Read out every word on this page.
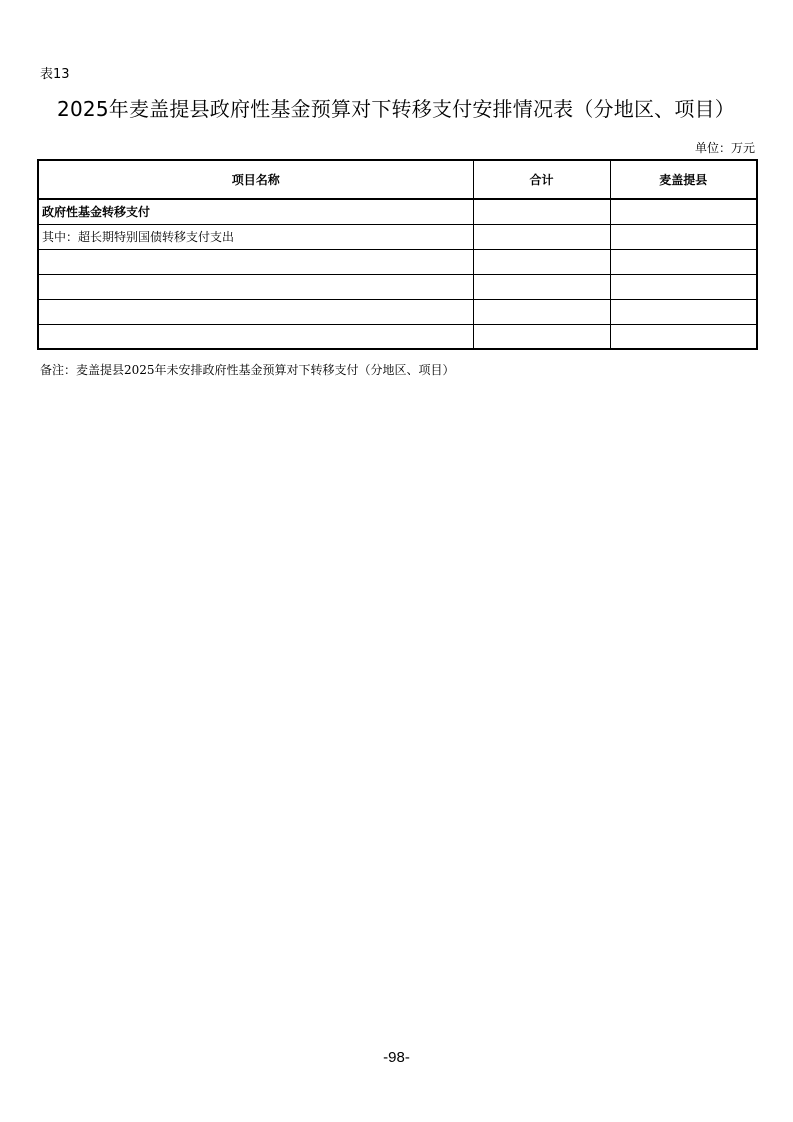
表13
2025年麦盖提县政府性基金预算对下转移支付安排情况表（分地区、项目）
单位：万元
项目名称	合计	麦盖提县
政府性基金转移支付		
其中：超长期特别国债转移支付支出		

备注：麦盖提县2025年未安排政府性基金预算对下转移支付（分地区、项目）
-98-
